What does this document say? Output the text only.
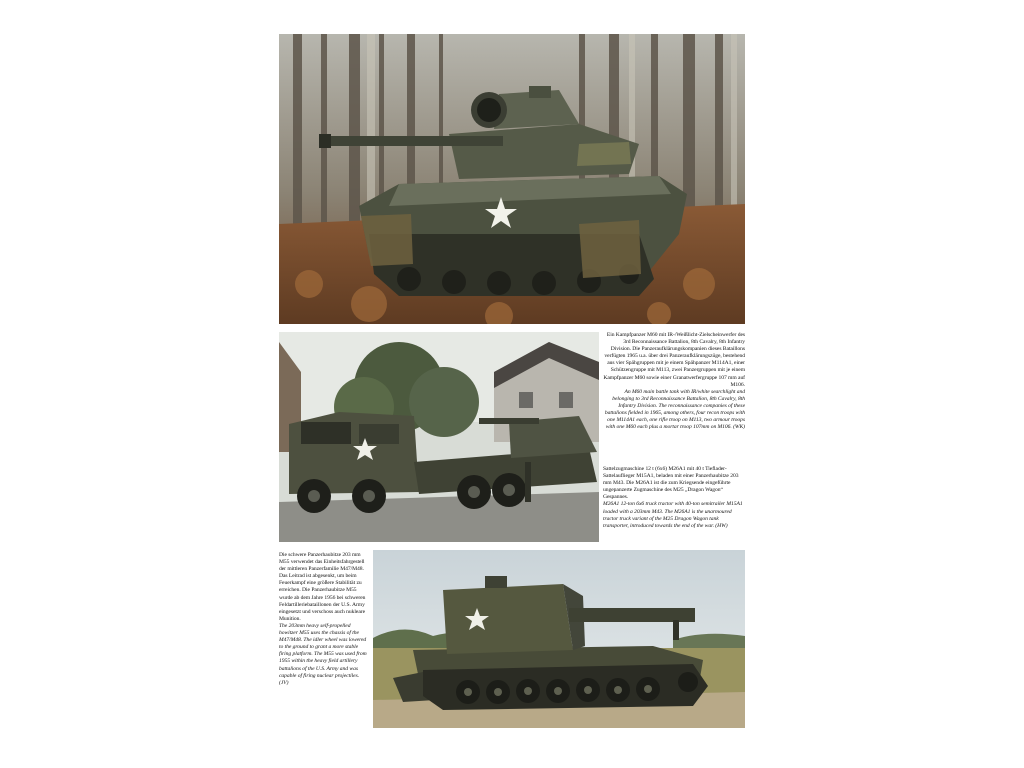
Ein Kampfpanzer M60 mit IR-/Weißlicht-Zielscheinwerfer des 3rd Reconnaissance Battalion, 8th Cavalry, 8th Infantry Division. Die Panzeraufklärungskompanien dieses Bataillons verfügten 1965 u.a. über drei Panzeraufklärungszüge, bestehend aus vier Spähgruppen mit je einem Spähpanzer M114A1, einer Schützengruppe mit M113, zwei Panzergruppen mit je einem Kampfpanzer M60 sowie einer Granatwerfergruppe 107 mm auf M106.

An M60 main battle tank with IR/white searchlight and belonging to 3rd Reconnaissance Battalion, 8th Cavalry, 8th Infantry Division. The reconnaissance companies of these battalions fielded in 1965, among others, four recon troops with one M114A1 each, one rifle troop on M113, two armour troops with one M60 each plus a mortar troop 107mm on M106. (WK)

Sattelzugmaschine 12 t (6x6) M26A1 mit 40 t Tieflader-Sattelauflieger M15A1, beladen mit einer Panzerhaubitze 203 mm M43. Die M26A1 ist die zum Kriegsende eingeführte ungepanzerte Zugmaschine des M25 „Dragon Wagon“ Gespannes.

M26A1 12-ton 6x6 truck tractor with 40-ton semitrailer M15A1 loaded with a 203mm M43. The M26A1 is the unarmoured tractor truck variant of the M25 Dragon Wagon tank transporter, introduced towards the end of the war. (HW)

Die schwere Panzerhaubitze 203 mm M55 verwendet das Einheitsfahrgestell der mittleren Panzerfamilie M47/M48. Das Leitrad ist abgesenkt, um beim Feuerkampf eine größere Stabilität zu erreichen. Die Panzerhaubitze M55 wurde ab dem Jahre 1956 bei schweren Feldartilleriebataillonen der U.S. Army eingesetzt und verschoss auch nukleare Munition.

The 203mm heavy self-propelled howitzer M55 uses the chassis of the M47/M48. The idler wheel was lowered to the ground to grant a more stable firing platform. The M55 was used from 1955 within the heavy field artillery battalions of the U.S. Army and was capable of firing nuclear projectiles. (JV)
